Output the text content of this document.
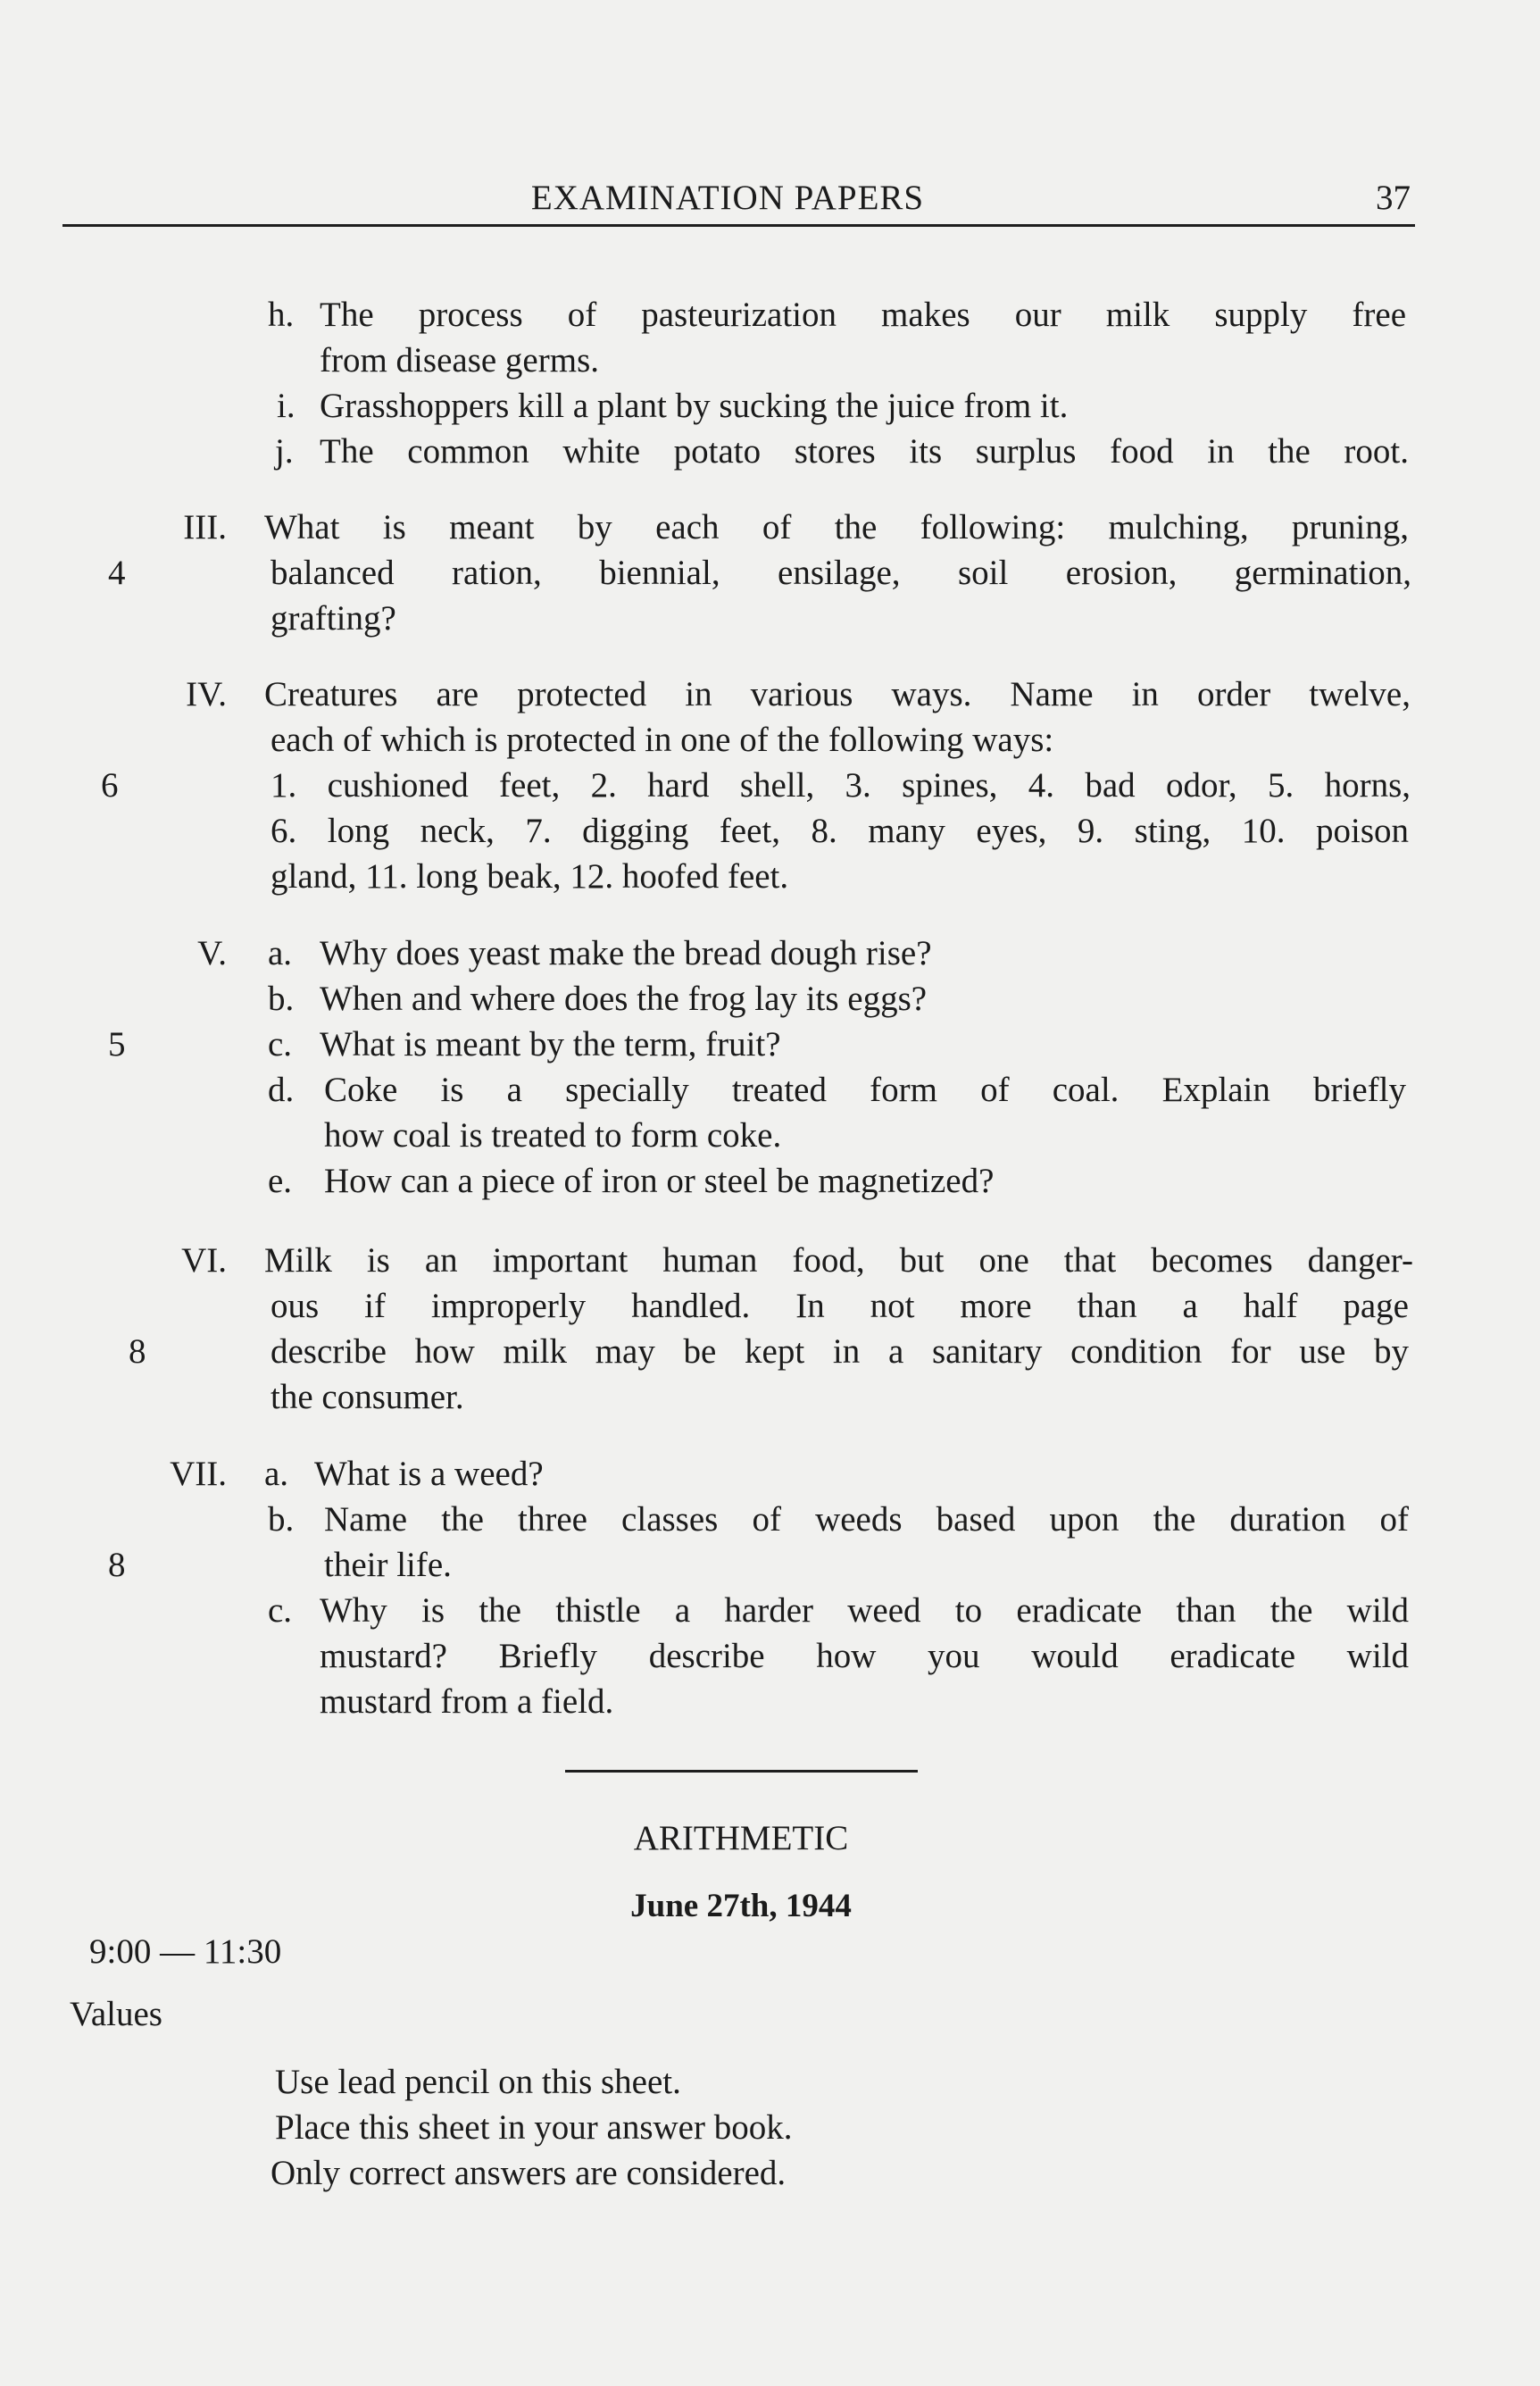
EXAMINATION PAPERS	37
h. The process of pasteurization makes our milk supply free
from disease germs.
i. Grasshoppers kill a plant by sucking the juice from it.
j. The common white potato stores its surplus food in the root.
III.
4
What is meant by each of the following: mulching, pruning,
balanced ration, biennial, ensilage, soil erosion, germination,
grafting?
IV.
6
Creatures are protected in various ways. Name in order twelve,
each of which is protected in one of the following ways:
1. cushioned feet, 2. hard shell, 3. spines, 4. bad odor, 5. horns,
6. long neck, 7. digging feet, 8. many eyes, 9. sting, 10. poison
gland, 11. long beak, 12. hoofed feet.
V.
5
a. Why does yeast make the bread dough rise?
b. When and where does the frog lay its eggs?
c. What is meant by the term, fruit?
d. Coke is a specially treated form of coal. Explain briefly
how coal is treated to form coke.
e. How can a piece of iron or steel be magnetized?
VI.
8
Milk is an important human food, but one that becomes danger-
ous if improperly handled. In not more than a half page
describe how milk may be kept in a sanitary condition for use by
the consumer.
VII.
8
a. What is a weed?
b. Name the three classes of weeds based upon the duration of
their life.
c. Why is the thistle a harder weed to eradicate than the wild
mustard? Briefly describe how you would eradicate wild
mustard from a field.
ARITHMETIC
June 27th, 1944
9:00 — 11:30
Values
Use lead pencil on this sheet.
Place this sheet in your answer book.
Only correct answers are considered.
